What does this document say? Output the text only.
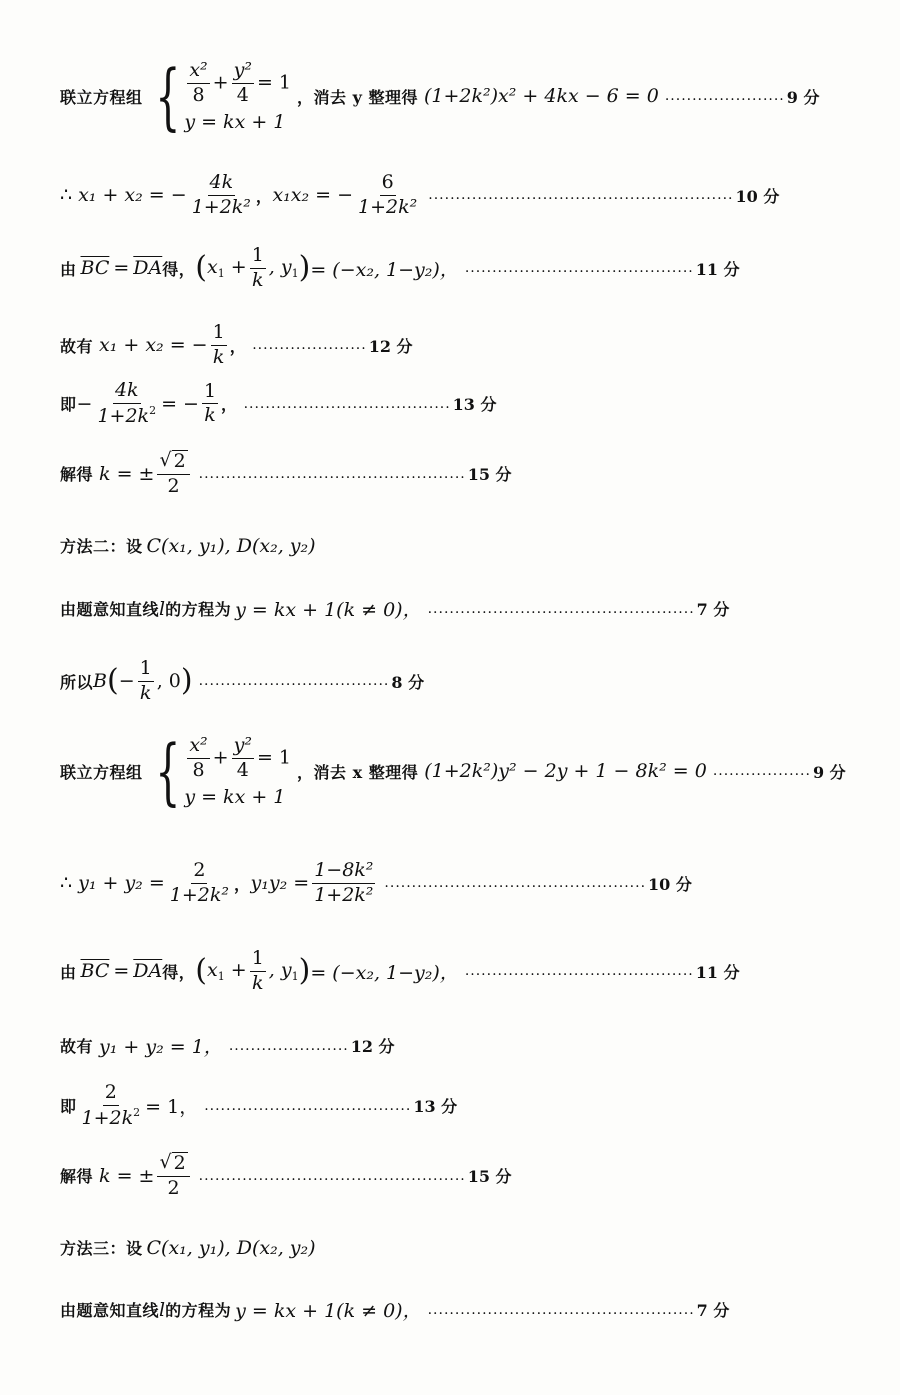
联立方程组 { $\frac{\text{x²}}{8} + \frac{\text{y²}}{4} = 1$
y = kx + 1
，消去 y 整理得 (1+2k²)x² + 4kx − 6 = 0 ...................... 9 分
∴ x₁ + x₂ = − $\frac{4k}{\text{1+2k²}}$ ， x₁x₂ = − $\frac{6}{\text{1+2k²}}$ ........................................................ 10 分
由 $\overline{BC} = \overline{DA}$ 得， ( $x_1 + \frac{1}{k}$ , $y_1$ ) = (−x₂, 1−y₂)， .......................................... 11 分
故有 x₁ + x₂ = − $\frac{1}{k}$ ， ..................... 12 分
即 − $\frac{4k}{1+2k^2}$ = − $\frac{1}{k}$ ， ...................................... 13 分
解得 k = ± $\frac{√ 2}{2}$ ................................................. 15 分
方法二：设 C(x₁, y₁), D(x₂, y₂)
由题意知直线 l 的方程为 y = kx + 1(k ≠ 0)， ................................................. 7 分
所以 B ( − $\frac{1}{k}$ , 0 ) ................................... 8 分
联立方程组 { $\frac{\text{x²}}{8} + \frac{\text{y²}}{4} = 1$
y = kx + 1
，消去 x 整理得 (1+2k²)y² − 2y + 1 − 8k² = 0 .................. 9 分
∴ $y_1 + y_2 = \frac{2}{\text{1+2k²}}$ ， $y_1y_2 = \frac{\text{1−8k²}}{\text{1+2k²}}$ ................................................ 10 分
由 $\overline{BC} = \overline{DA}$ 得， ( $x_1 + \frac{1}{k}$ , $y_1$ ) = (−x₂, 1−y₂)， .......................................... 11 分
故有 y₁ + y₂ = 1， ...................... 12 分
即 $\frac{2}{1+2k^2} = 1$， ...................................... 13 分
解得 k = ± $\frac{√ 2}{2}$ ................................................. 15 分
方法三：设 C(x₁, y₁), D(x₂, y₂)
由题意知直线 l 的方程为 y = kx + 1(k ≠ 0)， ................................................. 7 分
